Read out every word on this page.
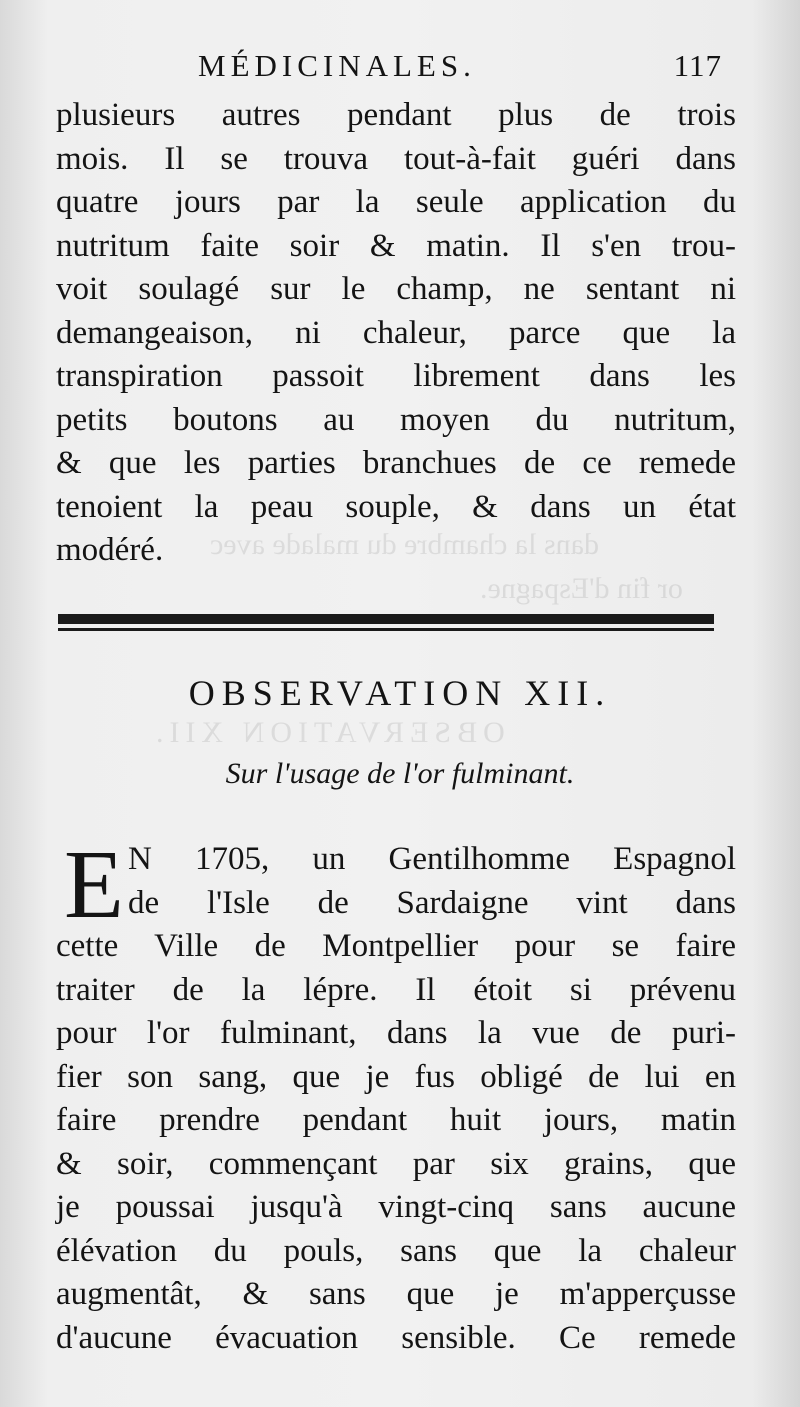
dans la chambre du malade avec
or fin d'Espagne.
OBSERVATION XII.
MÉDICINALES.	117
plusieurs autres pendant plus de trois
mois. Il se trouva tout-à-fait guéri dans
quatre jours par la seule application du
nutritum faite soir & matin. Il s'en trou-
voit soulagé sur le champ, ne sentant ni
demangeaison, ni chaleur, parce que la
transpiration passoit librement dans les
petits boutons au moyen du nutritum,
& que les parties branchues de ce remede
tenoient la peau souple, & dans un état
modéré.
OBSERVATION XII.
Sur l'usage de l'or fulminant.
E N 1705, un Gentilhomme Espagnol
de l'Isle de Sardaigne vint dans
cette Ville de Montpellier pour se faire
traiter de la lépre. Il étoit si prévenu
pour l'or fulminant, dans la vue de puri-
fier son sang, que je fus obligé de lui en
faire prendre pendant huit jours, matin
& soir, commençant par six grains, que
je poussai jusqu'à vingt-cinq sans aucune
élévation du pouls, sans que la chaleur
augmentât, & sans que je m'apperçusse
d'aucune évacuation sensible. Ce remede
